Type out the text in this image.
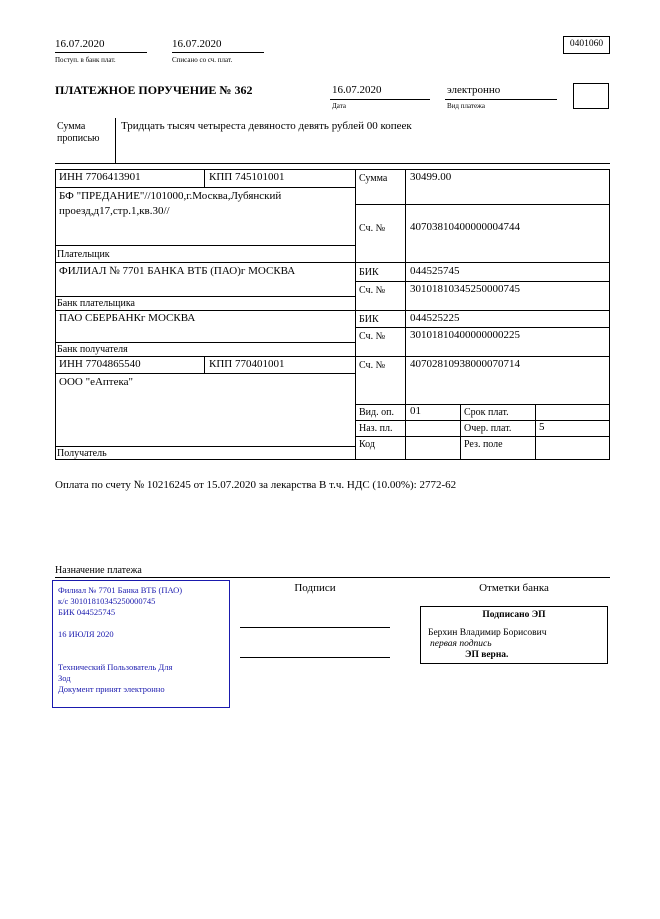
16.07.2020
Поступ. в банк плат.
16.07.2020
Списано со сч. плат.
0401060
ПЛАТЕЖНОЕ ПОРУЧЕНИЕ № 362	16.07.2020
Дата
электронно
Вид платежа
Сумма
прописью
Тридцать тысяч четыреста девяносто девять рублей 00 копеек
ИНН 7706413901	КПП 745101001	Сумма 30499.00
БФ "ПРЕДАНИЕ"//101000,г.Москва,Лубянский проезд,д17,стр.1,кв.30//
Сч. № 40703810400000004744
Плательщик
ФИЛИАЛ № 7701 БАНКА ВТБ (ПАО)г МОСКВА	БИК	044525745
Сч. № 30101810345250000745
Банк плательщика
ПАО СБЕРБАНКг МОСКВА	БИК	044525225
Сч. № 30101810400000000225
Банк получателя
ИНН 7704865540	КПП 770401001	Сч. № 40702810938000070714
ООО "еАптека"
Получатель
Вид. оп. 01	Срок плат.
Наз. пл.	Очер. плат.	5
Код	Рез. поле
Оплата по счету № 10216245 от 15.07.2020 за лекарства В т.ч. НДС (10.00%): 2772-62
Назначение платежа
Филиал № 7701 Банка ВТБ (ПАО)
к/с 30101810345250000745
БИК 044525745
16 ИЮЛЯ 2020
Технический Пользователь Для
Зод
Документ принят электронно
Подписи	Отметки банка
Подписано ЭП
Берхин Владимир Борисович
первая подпись
ЭП верна.
